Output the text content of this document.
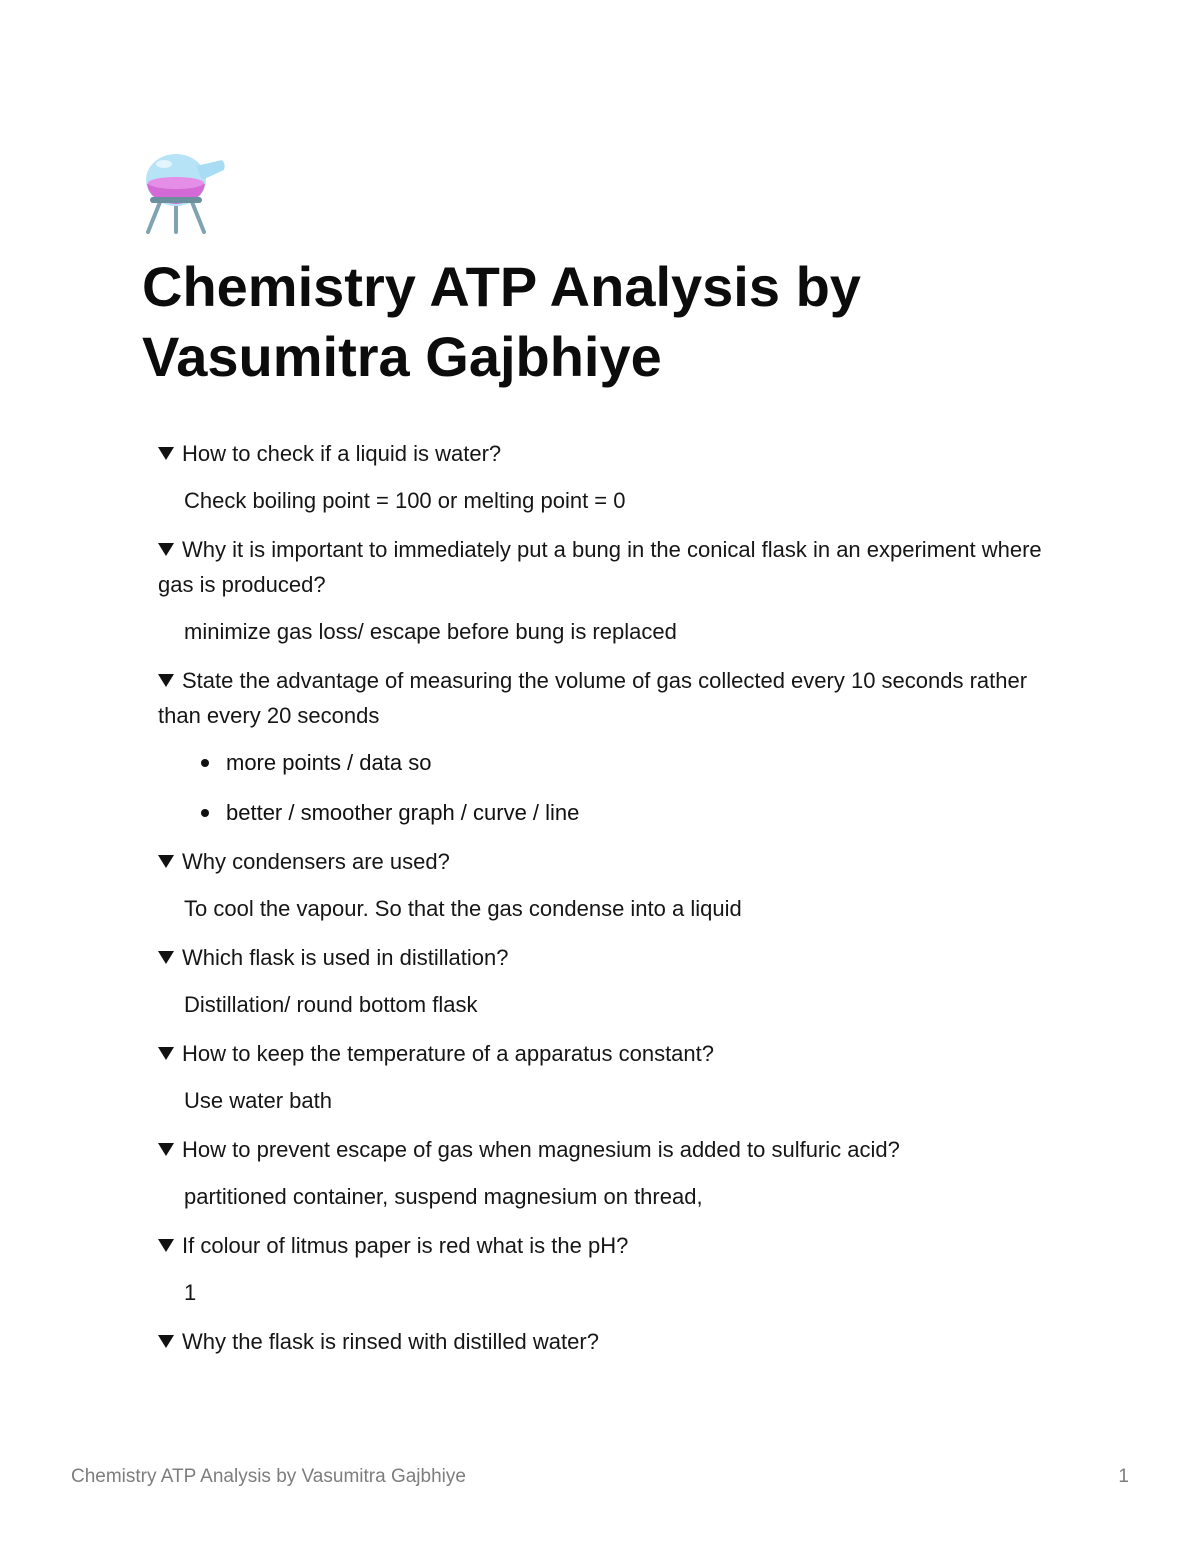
Chemistry ATP Analysis by Vasumitra Gajbhiye
How to check if a liquid is water?
Check boiling point = 100 or melting point = 0
Why it is important to immediately put a bung in the conical flask in an experiment where gas is produced?
minimize gas loss/ escape before bung is replaced
State the advantage of measuring the volume of gas collected every 10 seconds rather than every 20 seconds
more points / data so
better / smoother graph / curve / line
Why condensers are used?
To cool the vapour. So that the gas condense into a liquid
Which flask is used in distillation?
Distillation/ round bottom flask
How to keep the temperature of a apparatus constant?
Use water bath
How to prevent escape of gas when magnesium is added to sulfuric acid?
partitioned container, suspend magnesium on thread,
If colour of litmus paper is red what is the pH?
1
Why the flask is rinsed with distilled water?
Chemistry ATP Analysis by Vasumitra Gajbhiye	1
